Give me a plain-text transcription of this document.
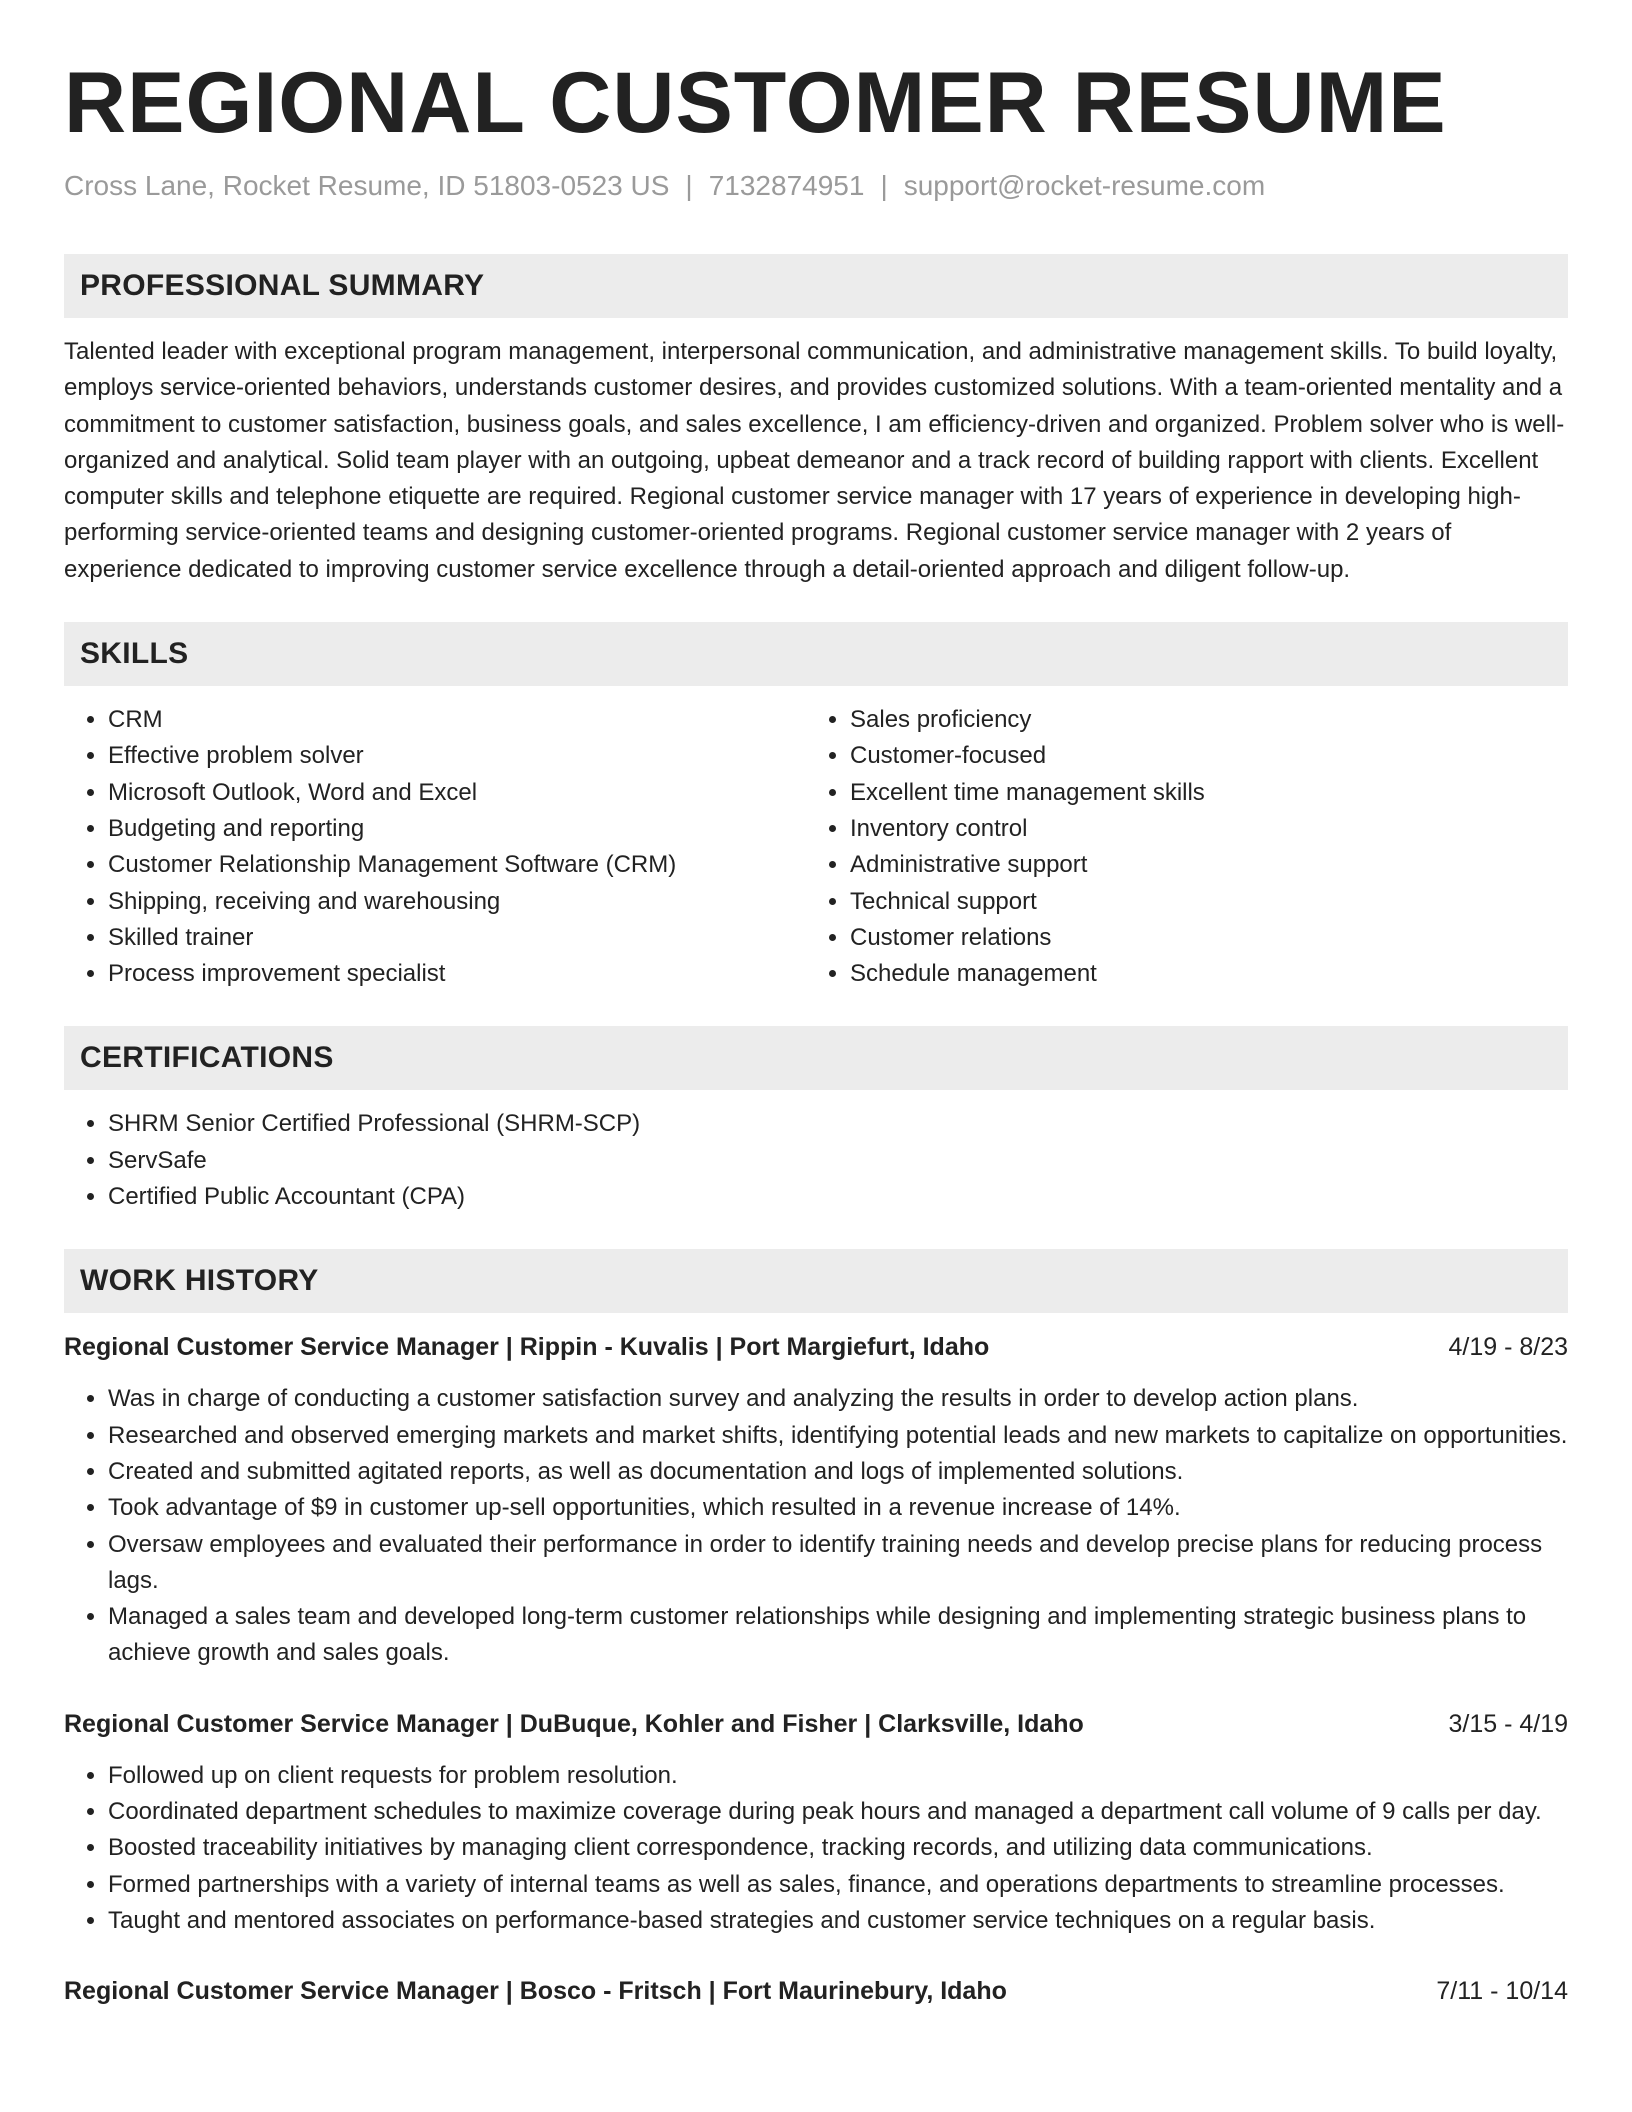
REGIONAL CUSTOMER RESUME
Cross Lane, Rocket Resume, ID 51803-0523 US | 7132874951 | support@rocket-resume.com
PROFESSIONAL SUMMARY

Talented leader with exceptional program management, interpersonal communication, and administrative management skills. To build loyalty, employs service-oriented behaviors, understands customer desires, and provides customized solutions. With a team-oriented mentality and a commitment to customer satisfaction, business goals, and sales excellence, I am efficiency-driven and organized. Problem solver who is well-organized and analytical. Solid team player with an outgoing, upbeat demeanor and a track record of building rapport with clients. Excellent computer skills and telephone etiquette are required. Regional customer service manager with 17 years of experience in developing high-performing service-oriented teams and designing customer-oriented programs. Regional customer service manager with 2 years of experience dedicated to improving customer service excellence through a detail-oriented approach and diligent follow-up.

SKILLS
• CRM
• Effective problem solver
• Microsoft Outlook, Word and Excel
• Budgeting and reporting
• Customer Relationship Management Software (CRM)
• Shipping, receiving and warehousing
• Skilled trainer
• Process improvement specialist
• Sales proficiency
• Customer-focused
• Excellent time management skills
• Inventory control
• Administrative support
• Technical support
• Customer relations
• Schedule management
CERTIFICATIONS
• SHRM Senior Certified Professional (SHRM-SCP)
• ServSafe
• Certified Public Accountant (CPA)
WORK HISTORY
Regional Customer Service Manager | Rippin - Kuvalis | Port Margiefurt, Idaho	4/19 - 8/23
• Was in charge of conducting a customer satisfaction survey and analyzing the results in order to develop action plans.
• Researched and observed emerging markets and market shifts, identifying potential leads and new markets to capitalize on opportunities.
• Created and submitted agitated reports, as well as documentation and logs of implemented solutions.
• Took advantage of $9 in customer up-sell opportunities, which resulted in a revenue increase of 14%.
• Oversaw employees and evaluated their performance in order to identify training needs and develop precise plans for reducing process lags.
• Managed a sales team and developed long-term customer relationships while designing and implementing strategic business plans to achieve growth and sales goals.
Regional Customer Service Manager | DuBuque, Kohler and Fisher | Clarksville, Idaho	3/15 - 4/19
• Followed up on client requests for problem resolution.
• Coordinated department schedules to maximize coverage during peak hours and managed a department call volume of 9 calls per day.
• Boosted traceability initiatives by managing client correspondence, tracking records, and utilizing data communications.
• Formed partnerships with a variety of internal teams as well as sales, finance, and operations departments to streamline processes.
• Taught and mentored associates on performance-based strategies and customer service techniques on a regular basis.
Regional Customer Service Manager | Bosco - Fritsch | Fort Maurinebury, Idaho	7/11 - 10/14
